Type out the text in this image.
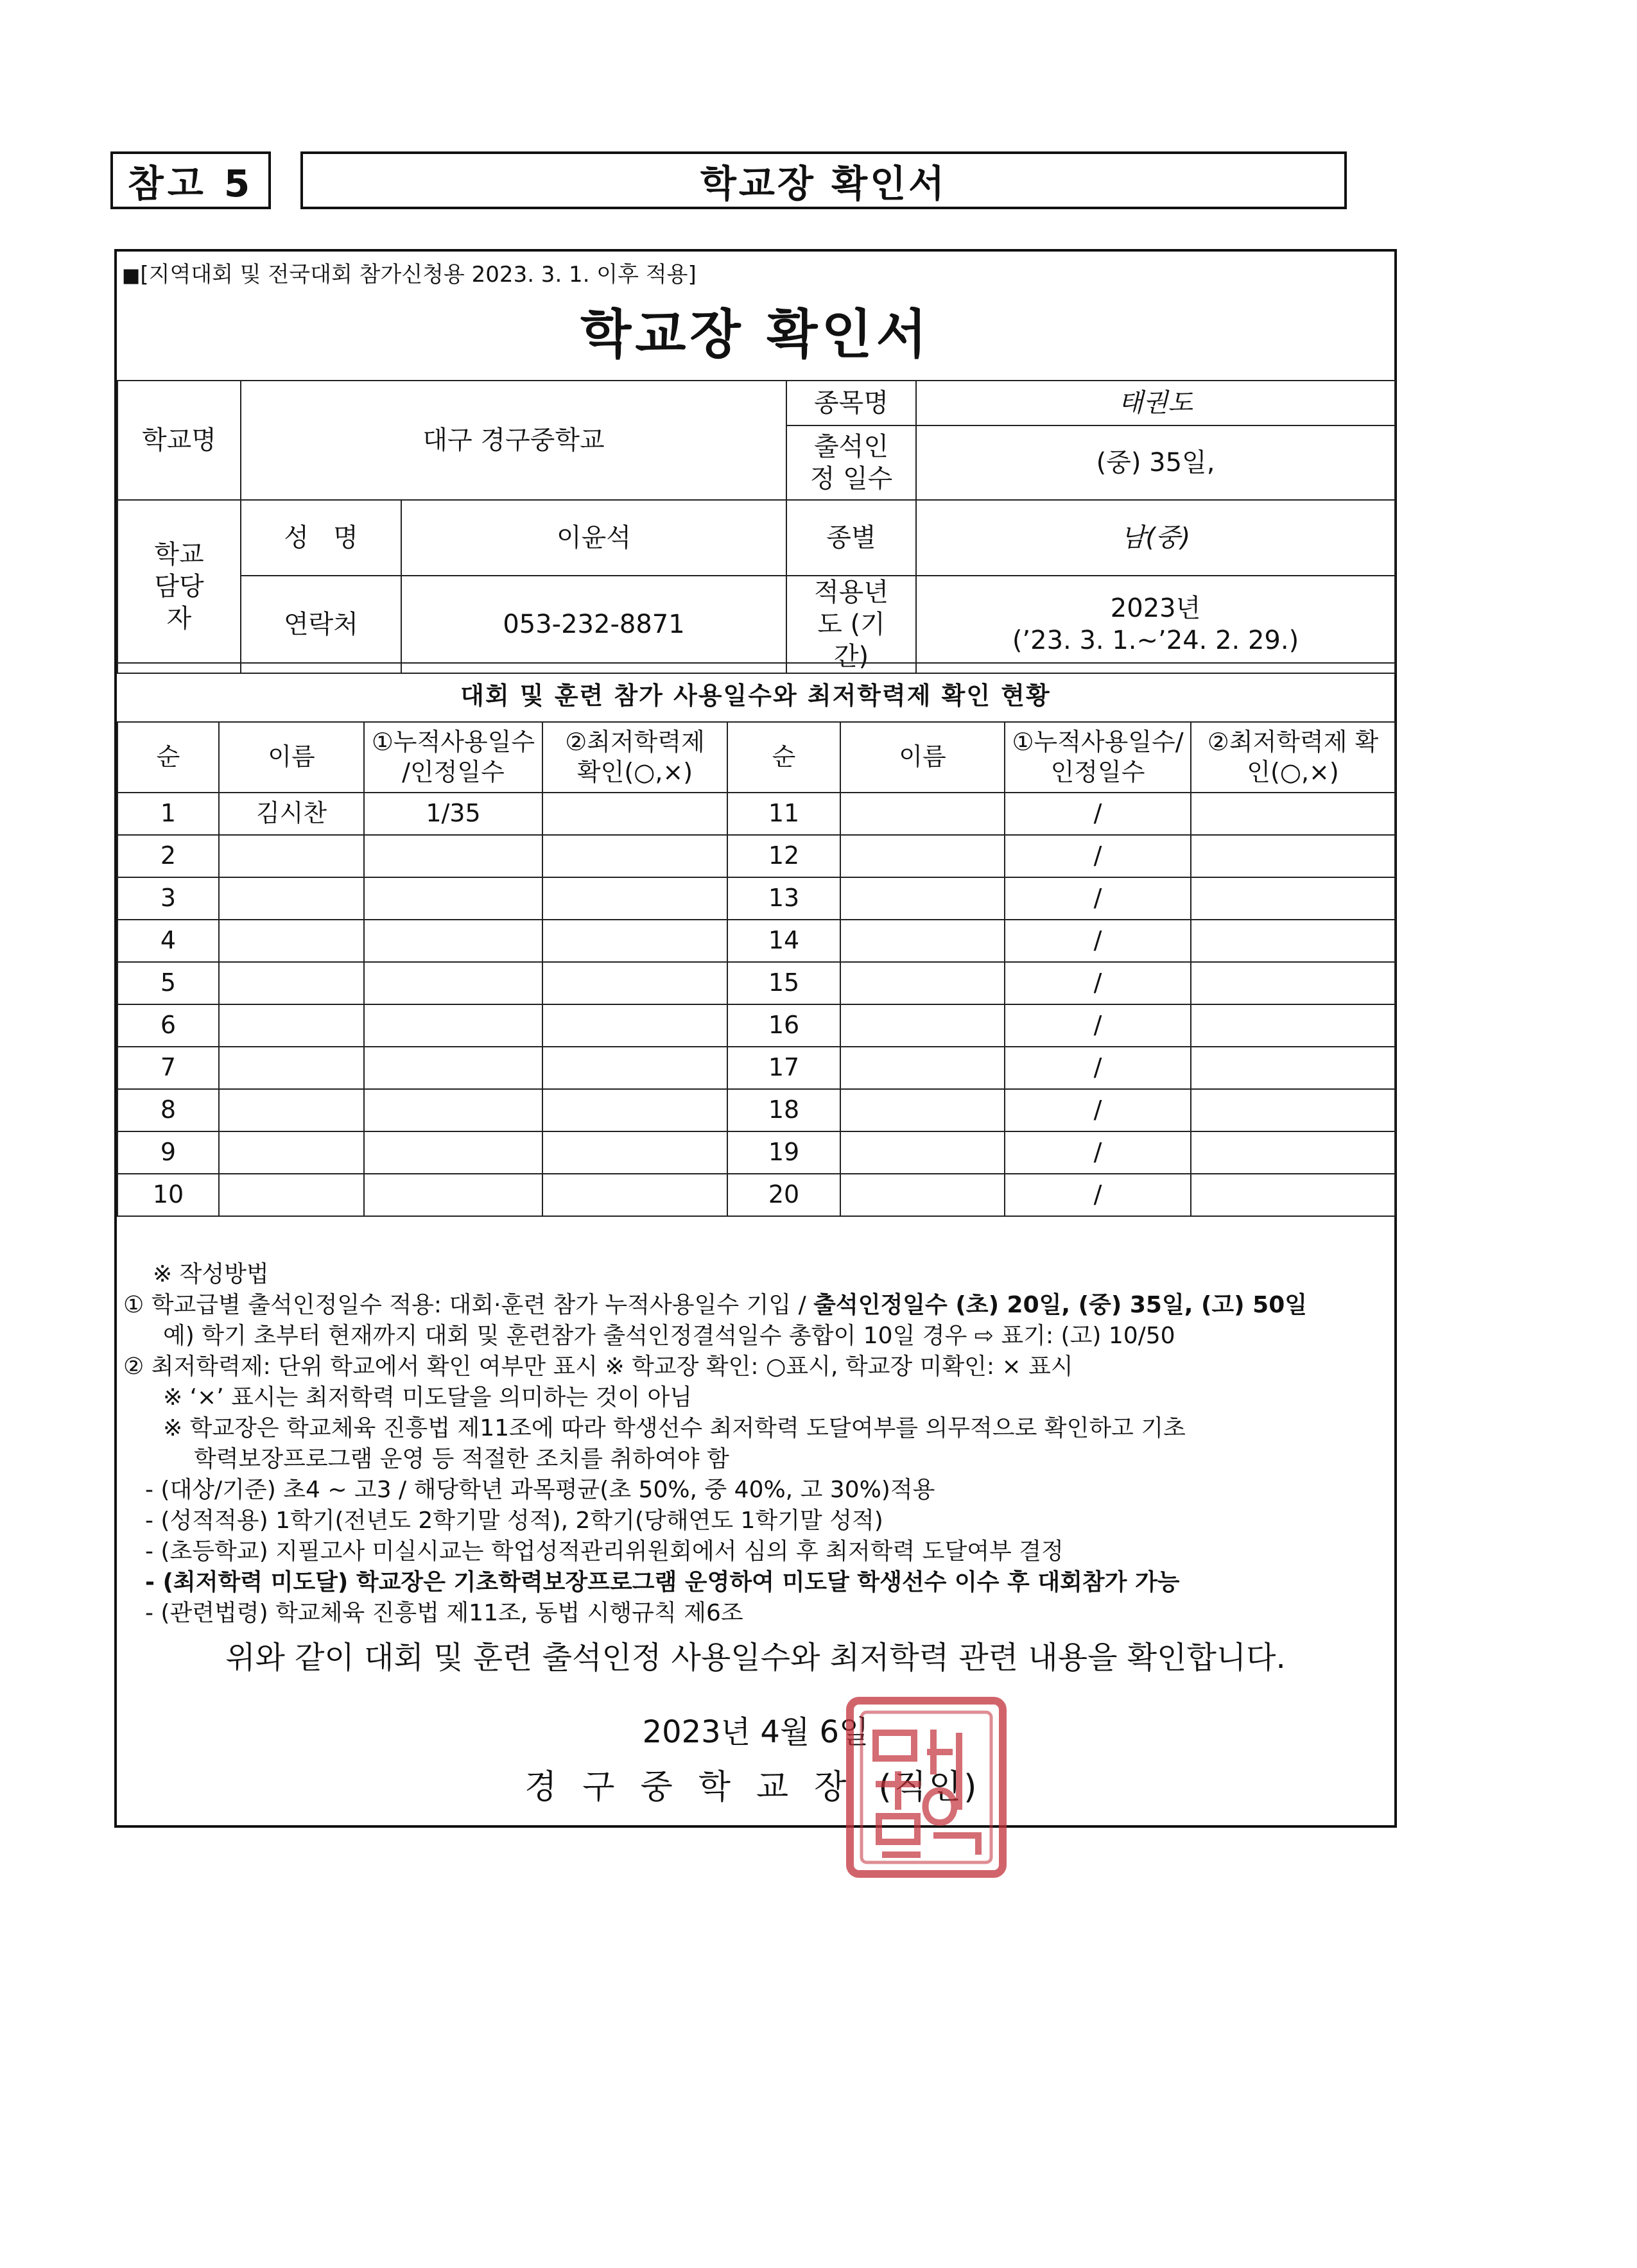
참고 5	학교장 확인서
■[지역대회 및 전국대회 참가신청용 2023. 3. 1. 이후 적용]
학교장 확인서
학교명	대구 경구중학교		종목명	태권도
			출석인정 일수	(중) 35일,
학교 담당자	성   명	이윤석	종별	남(중)
	연락처	053-232-8871	적용년도 (기간)	2023년
(’23. 3. 1.~’24. 2. 29.)
대회 및 훈련 참가 사용일수와 최저학력제 확인 현황
순	이름	①누적사용일수 /인정일수	②최저학력제 확인(○,×)	순	이름	①누적사용일수/ 인정일수	②최저학력제 확인(○,×)
1	김시찬	1/35		11		/	
2				12		/	
3				13		/	
4				14		/	
5				15		/	
6				16		/	
7				17		/	
8				18		/	
9				19		/	
10				20		/	
※ 작성방법
① 학교급별 출석인정일수 적용: 대회·훈련 참가 누적사용일수 기입 / 출석인정일수 (초) 20일, (중) 35일, (고) 50일
예) 학기 초부터 현재까지 대회 및 훈련참가 출석인정결석일수 총합이 10일 경우 ⇨ 표기: (고) 10/50
② 최저학력제: 단위 학교에서 확인 여부만 표시 ※ 학교장 확인: ○표시, 학교장 미확인: × 표시
※ ‘×’ 표시는 최저학력 미도달을 의미하는 것이 아님
※ 학교장은 학교체육 진흥법 제11조에 따라 학생선수 최저학력 도달여부를 의무적으로 확인하고 기초
학력보장프로그램 운영 등 적절한 조치를 취하여야 함
- (대상/기준) 초4 ~ 고3 / 해당학년 과목평균(초 50%, 중 40%, 고 30%)적용
- (성적적용) 1학기(전년도 2학기말 성적), 2학기(당해연도 1학기말 성적)
- (초등학교) 지필고사 미실시교는 학업성적관리위원회에서 심의 후 최저학력 도달여부 결정
- (최저학력 미도달) 학교장은 기초학력보장프로그램 운영하여 미도달 학생선수 이수 후 대회참가 가능
- (관련법령) 학교체육 진흥법 제11조, 동법 시행규칙 제6조
위와 같이 대회 및 훈련 출석인정 사용일수와 최저학력 관련 내용을 확인합니다.
2023년 4월 6일
경구중학교장 (직인)
